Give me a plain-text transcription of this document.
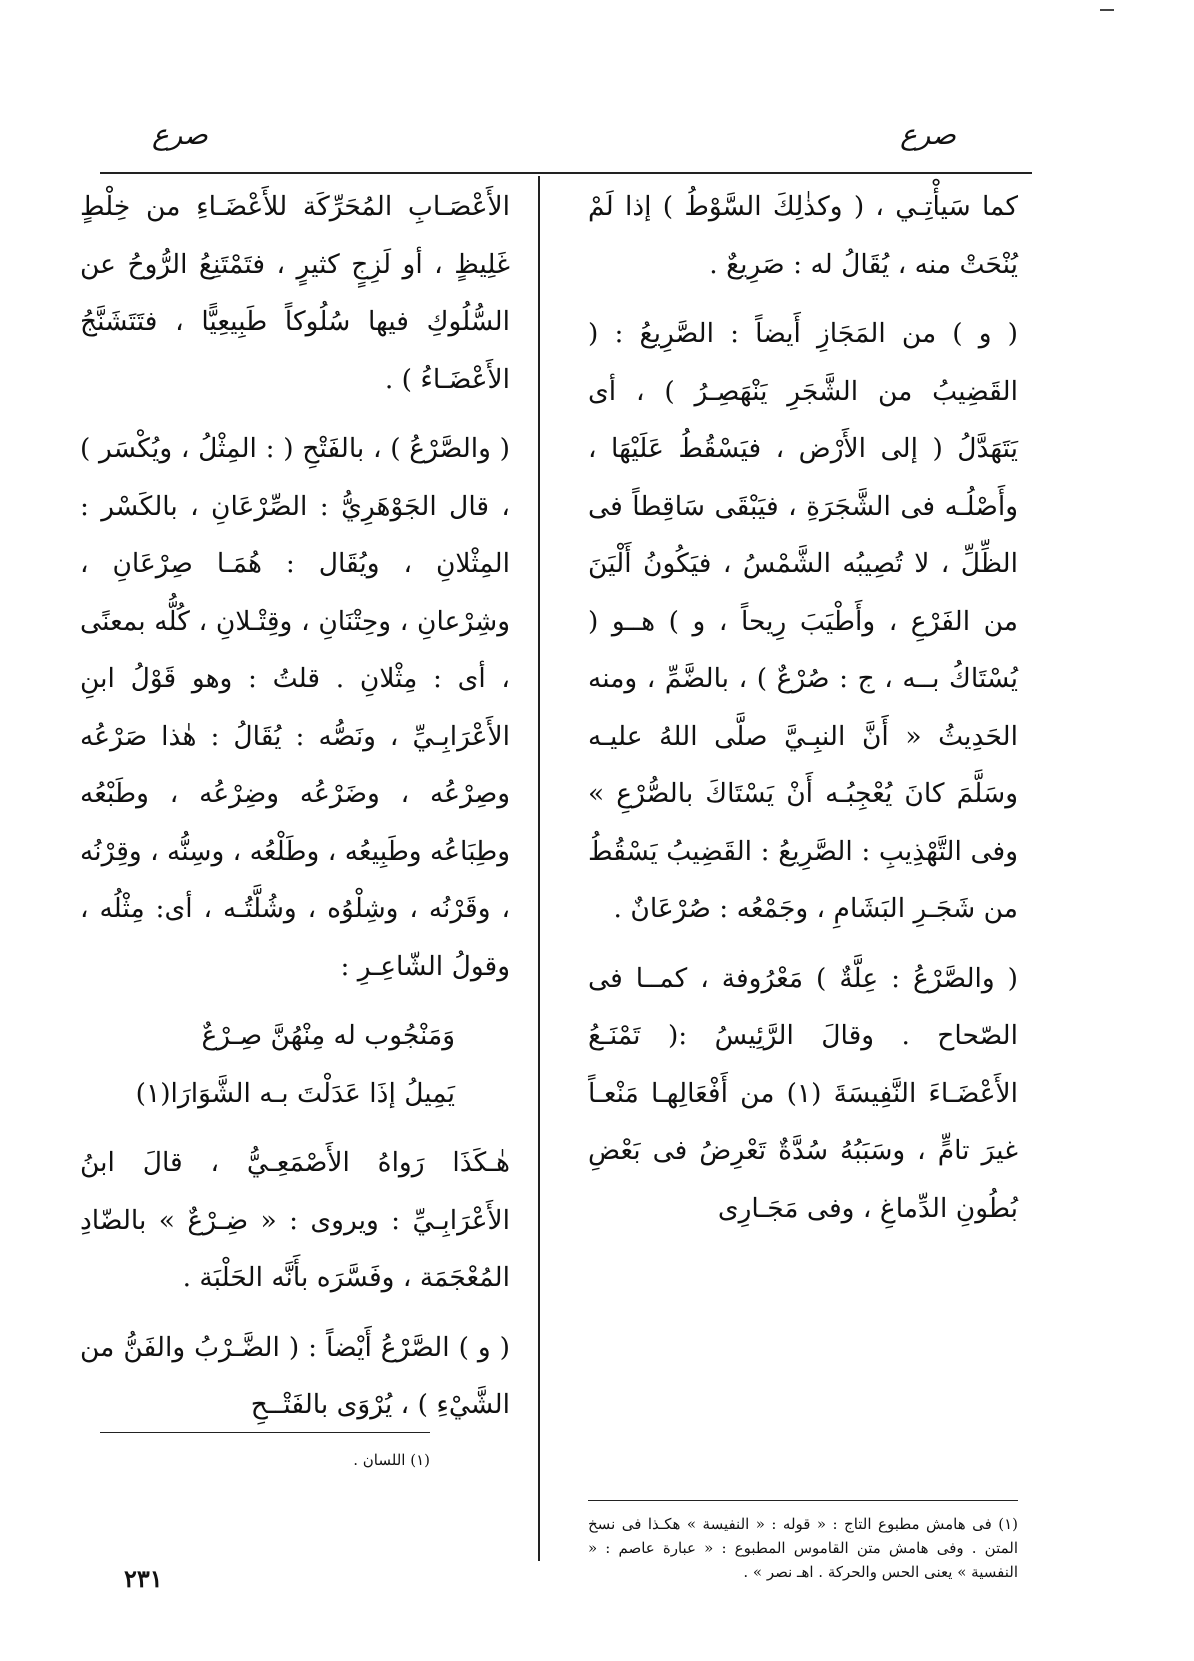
صرع
صرع

كما سَيأْتِـي ، ( وكذٰلِكَ السَّوْطُ ) إذا لَمْ يُنْحَتْ منه ، يُقَالُ له : صَرِيعٌ .

( و ) من المَجَازِ أَيضاً : الصَّرِيعُ : ( القَضِيبُ من الشَّجَرِ يَنْهَصِـرُ ) ، أى يَتَهَدَّلُ ( إلى الأَرْض ، فيَسْقُطُ عَلَيْهَا ، وأَصْلُـه فى الشَّجَرَةِ ، فيَبْقَى سَاقِطاً فى الظِّلِّ ، لا تُصِيبُه الشَّمْسُ ، فيَكُونُ أَلْيَنَ من الفَرْعِ ، وأَطْيَبَ رِيحاً ، و ) هــو ( يُسْتَاكُ بــه ، ج : صُرْعٌ ) ، بالضَّمِّ ، ومنه الحَدِيثُ « أَنَّ النبِـيَّ صلَّى اللهُ عليـه وسَلَّمَ كانَ يُعْجِبُـه أَنْ يَسْتَاكَ بالصُّرْعِ » وفى التَّهْذِيبِ : الصَّرِيعُ : القَضِيبُ يَسْقُطُ من شَجَـرِ البَشَامِ ، وجَمْعُه : صُرْعَانٌ .

( والصَّرْعُ : عِلَّةٌ ) مَعْرُوفة ، كمــا فى الصّحاح . وقالَ الرَّئِيسُ :( تَمْنَـعُ الأَعْضَـاءَ النَّفِيسَةَ (١) من أَفْعَالِهـا مَنْعـاً غيرَ تامٍّ ، وسَبَبُهُ سُدَّةٌ تَعْرِضُ فى بَعْضِ بُطُونِ الدِّماغِ ، وفى مَجَـارِى

الأَعْصَـابِ المُحَرِّكَة للأَعْضَـاءِ من خِلْطٍ غَلِيظٍ ، أو لَزِجٍ كثيرٍ ، فتَمْتَنِعُ الرُّوحُ عن السُّلُوكِ فيها سُلُوكاً طَبِيعِيًّا ، فتَتَشَنَّجُ الأَعْضَـاءُ ) .

( والصَّرْعُ ) ، بالفَتْحِ ( : المِثْلُ ، ويُكْسَر ) ، قال الجَوْهَرِيُّ : الصِّرْعَانِ ، بالكَسْر : المِثْلانِ ، ويُقَال : هُمَـا صِرْعَانِ ، وشِرْعانِ ، وحِتْنَانِ ، وقِتْـلانِ ، كُلُّه بمعنًى ، أى : مِثْلانِ . قلتُ : وهو قَوْلُ ابنِ الأَعْرَابِـيِّ ، ونَصُّه : يُقَالُ : هٰذا صَرْعُه وصِرْعُه ، وضَرْعُه وضِرْعُه ، وطَبْعُه وطِبَاعُه وطَبِيعُه ، وطَلْعُه ، وسِنُّه ، وقِرْنُه ، وقَرْنُه ، وشِلْوُه ، وشُلَّتُـه ، أى: مِثْلُه ، وقولُ الشّاعِـرِ :

وَمَنْجُوب له مِنْهُنَّ صِـرْعٌ
يَمِيلُ إذَا عَدَلْتَ بـه الشَّوَارَا(١)

هٰـكَذَا رَواهُ الأَصْمَعِـيُّ ، قالَ ابنُ الأَعْرَابِـيِّ : ويروى : « ضِـرْعٌ » بالضّادِ المُعْجَمَة ، وفَسَّرَه بأَنَّه الحَلْبَة .

( و ) الصَّرْعُ أَيْضاً : ( الضَّـرْبُ والفَنُّ من الشَّيْءِ ) ، يُرْوَى بالفَتْــحِ

(١) فى هامش مطبوع التاج : « قوله : « النفيسة » هكـذا فى نسخ المتن . وفى هامش متن القاموس المطبوع : « عبارة عاصم : « النفسية » يعنى الحس والحركة . اهـ نصر » .
(١) اللسان .
٢٣١
